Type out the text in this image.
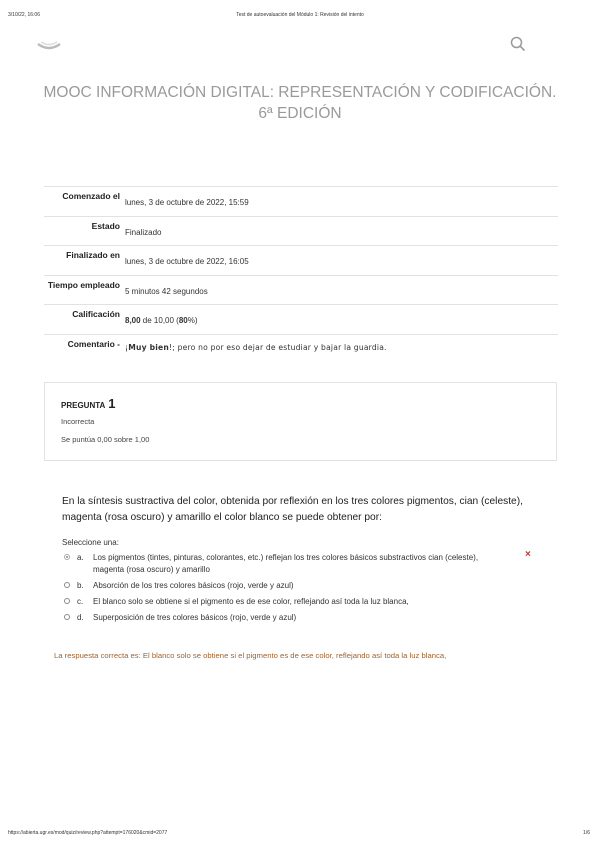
3/10/22, 16:06	Test de autoevaluación del Módulo 1: Revisión del intento
MOOC INFORMACIÓN DIGITAL: REPRESENTACIÓN Y CODIFICACIÓN. 6ª EDICIÓN
Comenzado el
lunes, 3 de octubre de 2022, 15:59
Estado
Finalizado
Finalizado en
lunes, 3 de octubre de 2022, 16:05
Tiempo empleado
5 minutos 42 segundos
Calificación
8,00 de 10,00 (80%)
Comentario - ¡Muy bien!; pero no por eso dejar de estudiar y bajar la guardia.
PREGUNTA 1
Incorrecta
Se puntúa 0,00 sobre 1,00
En la síntesis sustractiva del color, obtenida por reflexión en los tres colores pigmentos, cian (celeste), magenta (rosa oscuro) y amarillo el color blanco se puede obtener por:
Seleccione una:
a.	Los pigmentos (tintes, pinturas, colorantes, etc.) reflejan los tres colores básicos substractivos cian (celeste), magenta (rosa oscuro) y amarillo
×
b.	Absorción de los tres colores básicos (rojo, verde y azul)
c.	El blanco solo se obtiene si el pigmento es de ese color, reflejando así toda la luz blanca,
d.	Superposición de tres colores básicos (rojo, verde y azul)
La respuesta correcta es: El blanco solo se obtiene si el pigmento es de ese color, reflejando así toda la luz blanca,
https://abierta.ugr.es/mod/quiz/review.php?attempt=176020&cmid=2077	1/6
